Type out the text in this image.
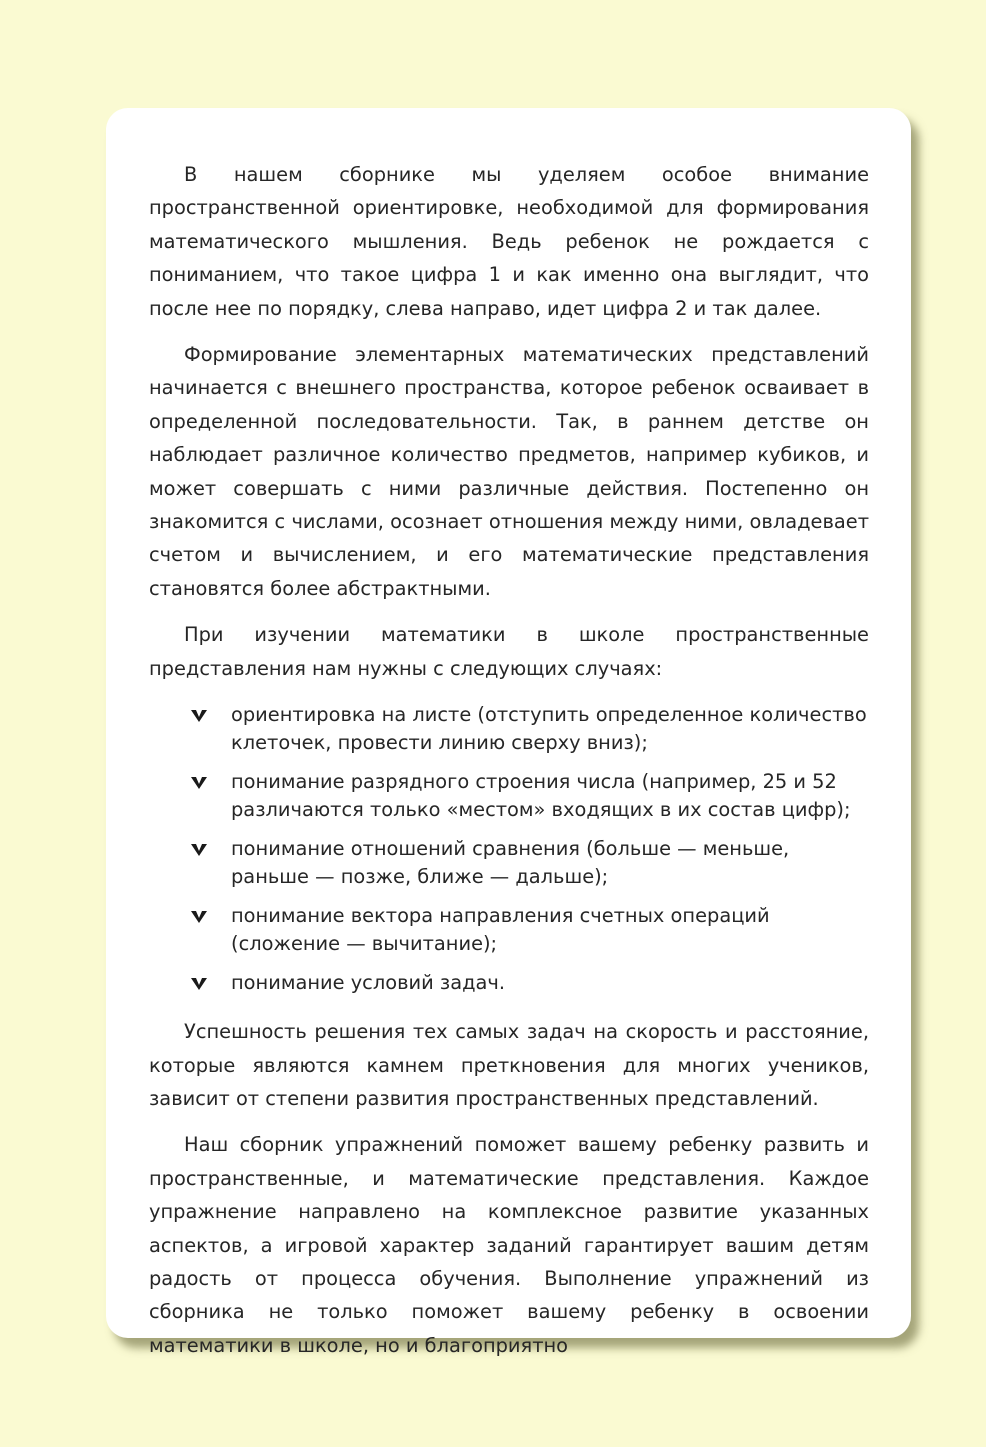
В нашем сборнике мы уделяем особое внимание пространственной ориентировке, необходимой для формирования математического мышления. Ведь ребенок не рождается с пониманием, что такое цифра 1 и как именно она выглядит, что после нее по порядку, слева направо, идет цифра 2 и так далее.

Формирование элементарных математических представлений начинается с внешнего пространства, которое ребенок осваивает в определенной последовательности. Так, в раннем детстве он наблюдает различное количество предметов, например кубиков, и может совершать с ними различные действия. Постепенно он знакомится с числами, осознает отношения между ними, овладевает счетом и вычислением, и его математические представления становятся более абстрактными.

При изучении математики в школе пространственные представления нам нужны с следующих случаях:

ориентировка на листе (отступить определенное количество клеточек, провести линию сверху вниз);
понимание разрядного строения числа (например, 25 и 52 различаются только «местом» входящих в их состав цифр);
понимание отношений сравнения (больше — меньше, раньше — позже, ближе — дальше);
понимание вектора направления счетных операций (сложение — вычитание);
понимание условий задач.

Успешность решения тех самых задач на скорость и расстояние, которые являются камнем преткновения для многих учеников, зависит от степени развития пространственных представлений.

Наш сборник упражнений поможет вашему ребенку развить и пространственные, и математические представления. Каждое упражнение направлено на комплексное развитие указанных аспектов, а игровой характер заданий гарантирует вашим детям радость от процесса обучения. Выполнение упражнений из сборника не только поможет вашему ребенку в освоении математики в школе, но и благоприятно
